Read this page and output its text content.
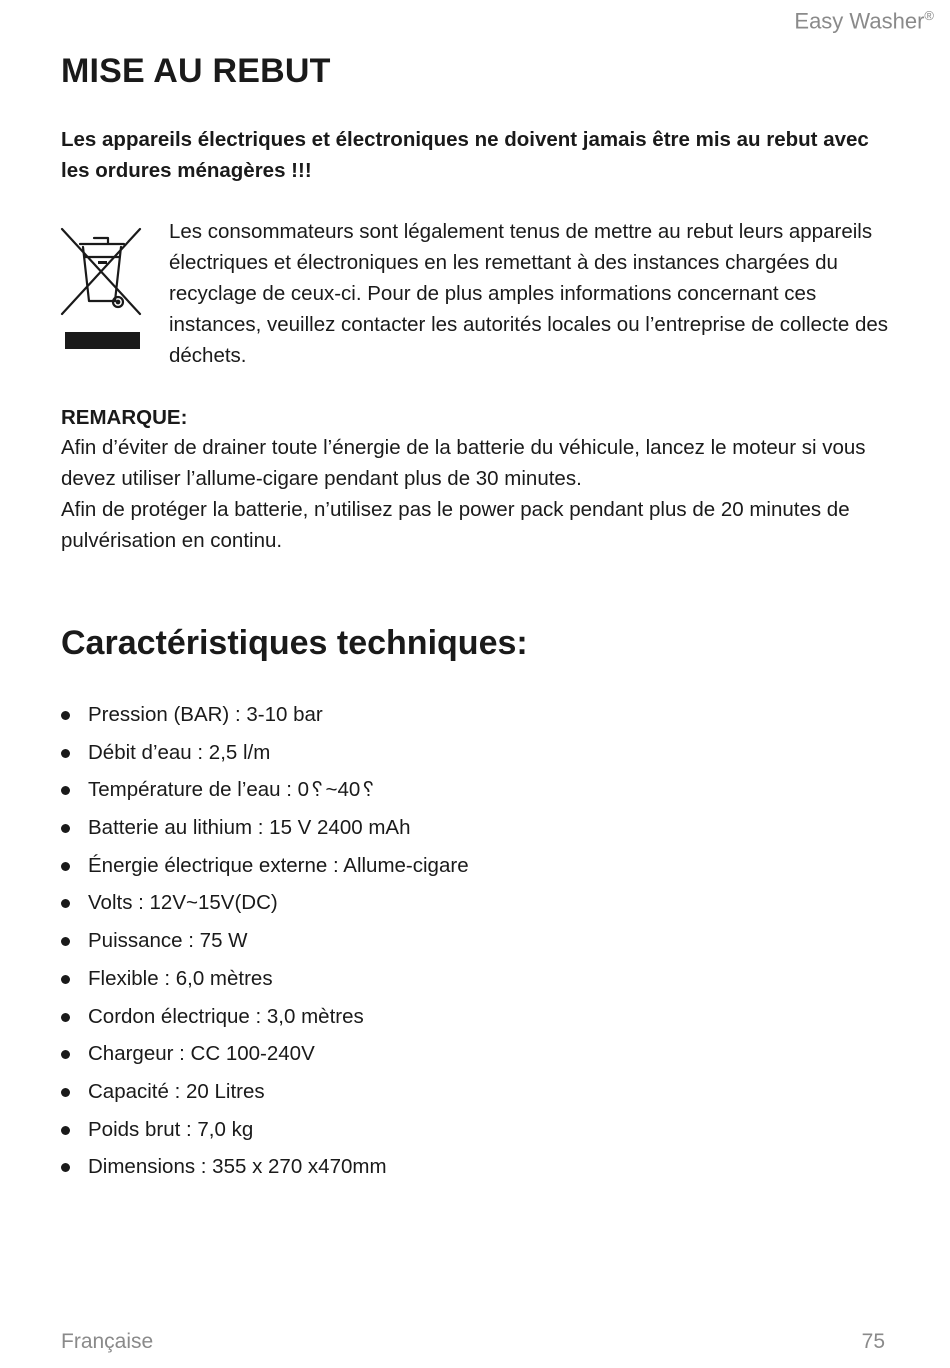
Easy Washer®
MISE AU REBUT

Les appareils électriques et électroniques ne doivent jamais être mis au rebut avec les ordures ménagères !!!

Les consommateurs sont légalement tenus de mettre au rebut leurs appareils électriques et électroniques en les remettant à des instances chargées du recyclage de ceux-ci. Pour de plus amples informations concernant ces instances, veuillez contacter les autorités locales ou l’entreprise de collecte des déchets.

REMARQUE:

Afin d’éviter de drainer toute l’énergie de la batterie du véhicule, lancez le moteur si vous devez utiliser l’allume-cigare pendant plus de 30 minutes.

Afin de protéger la batterie, n’utilisez pas le power pack pendant plus de 20 minutes de pulvérisation en continu.

Caractéristiques techniques:
Pression (BAR) : 3-10 bar
Débit d’eau : 2,5 l/m
Température de l’eau : 0␦~40␦
Batterie au lithium : 15 V 2400 mAh
Énergie électrique externe : Allume-cigare
Volts : 12V~15V(DC)
Puissance : 75 W
Flexible : 6,0 mètres
Cordon électrique : 3,0 mètres
Chargeur : CC 100-240V
Capacité : 20 Litres
Poids brut : 7,0 kg
Dimensions : 355 x 270 x470mm
Française	75
